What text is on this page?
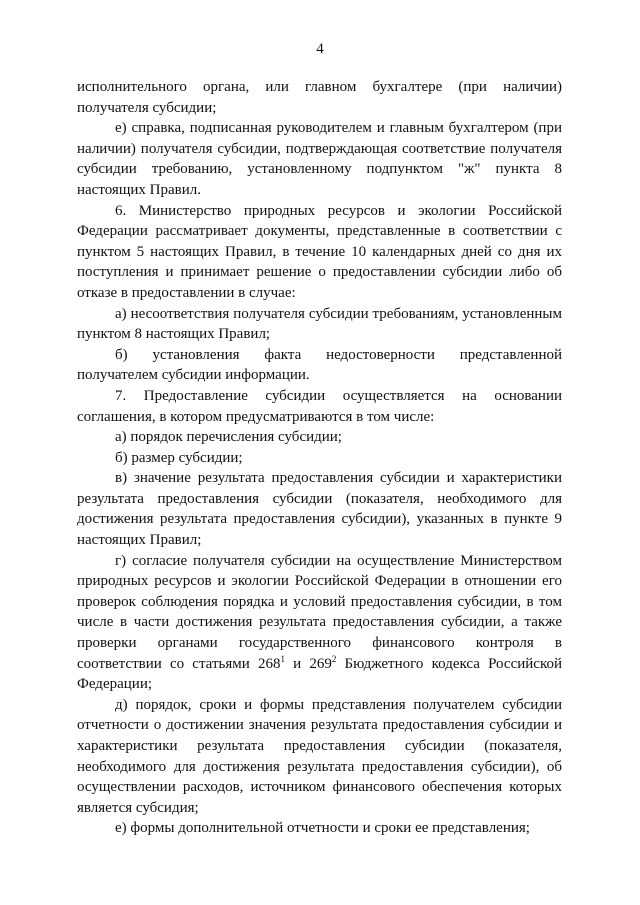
4

исполнительного органа, или главном бухгалтере (при наличии) получателя субсидии;

е) справка, подписанная руководителем и главным бухгалтером (при наличии) получателя субсидии, подтверждающая соответствие получателя субсидии требованию, установленному подпунктом "ж" пункта 8 настоящих Правил.

6. Министерство природных ресурсов и экологии Российской Федерации рассматривает документы, представленные в соответствии с пунктом 5 настоящих Правил, в течение 10 календарных дней со дня их поступления и принимает решение о предоставлении субсидии либо об отказе в предоставлении в случае:

а) несоответствия получателя субсидии требованиям, установленным пунктом 8 настоящих Правил;

б) установления факта недостоверности представленной получателем субсидии информации.

7. Предоставление субсидии осуществляется на основании соглашения, в котором предусматриваются в том числе:

а) порядок перечисления субсидии;

б) размер субсидии;

в) значение результата предоставления субсидии и характеристики результата предоставления субсидии (показателя, необходимого для достижения результата предоставления субсидии), указанных в пункте 9 настоящих Правил;

г) согласие получателя субсидии на осуществление Министерством природных ресурсов и экологии Российской Федерации в отношении его проверок соблюдения порядка и условий предоставления субсидии, в том числе в части достижения результата предоставления субсидии, а также проверки органами государственного финансового контроля в соответствии со статьями $268^1$ и $269^2$ Бюджетного кодекса Российской Федерации;

д) порядок, сроки и формы представления получателем субсидии отчетности о достижении значения результата предоставления субсидии и характеристики результата предоставления субсидии (показателя, необходимого для достижения результата предоставления субсидии), об осуществлении расходов, источником финансового обеспечения которых является субсидия;

е) формы дополнительной отчетности и сроки ее представления;
